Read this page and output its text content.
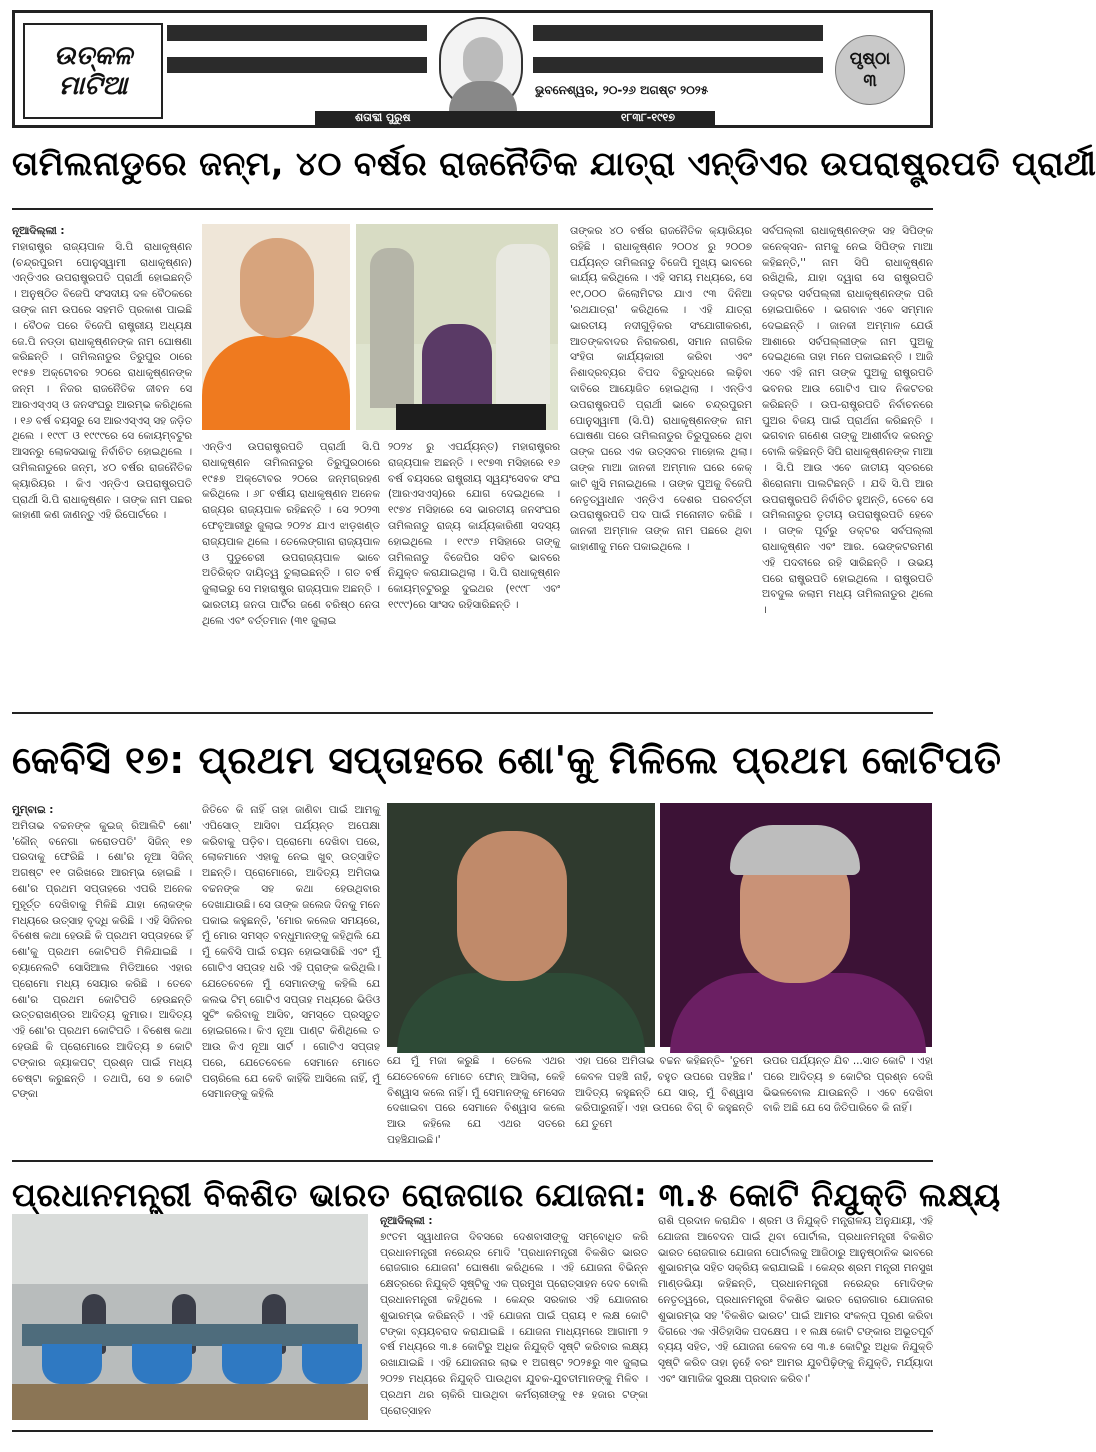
ଉତ୍କଳ ମାଟିଆ	ଭୁବନେଶ୍ୱର, ୨୦-୨୬ ଅଗଷ୍ଟ ୨୦୨୫
ଶତାବ୍ଦୀ ପୁରୁଷ	୧୮୩୮-୧୯୧୭
ପୃଷ୍ଠା
୩
ତାମିଲନାଡୁରେ ଜନ୍ମ, ୪୦ ବର୍ଷର ରାଜନୈତିକ ଯାତ୍ରା ଏନ୍‌ଡିଏର ଉପରାଷ୍ଟ୍ରପତି ପ୍ରାର୍ଥୀ
ନୂଆଦିଲ୍ଲୀ :
ମହାରାଷ୍ଟ୍ର ରାଜ୍ୟପାଳ ସି.ପି ରାଧାକୃଷ୍ଣନ (ଚନ୍ଦ୍ରପୁରମ ପୋନୁସ୍ୱାମୀ ରାଧାକୃଷ୍ଣନ) ଏନ୍‌ଡିଏର ଉପରାଷ୍ଟ୍ରପତି ପ୍ରାର୍ଥୀ ହୋଇଛନ୍ତି । ଅନୁଷ୍ଠିତ ବିଜେପି ସଂସଦୀୟ ଦଳ ବୈଠକରେ ତାଙ୍କ ନାମ ଉପରେ ସହମତି ପ୍ରକାଶ ପାଇଛି । ବୈଠକ ପରେ ବିଜେପି ରାଷ୍ଟ୍ରୀୟ ଅଧ୍ୟକ୍ଷ ଜେ.ପି ନଡ୍ଡା ରାଧାକୃଷ୍ଣନଙ୍କ ନାମ ଘୋଷଣା କରିଛନ୍ତି । ତାମିଲନାଡୁର ତିରୁପୁର ଠାରେ ୧୯୫୭ ଅକ୍ଟୋବର ୨୦ରେ ରାଧାକୃଷ୍ଣନଙ୍କ ଜନ୍ମ । ନିଜର ରାଜନୈତିକ ଜୀବନ ସେ ଆରଏସ୍‌ଏସ୍ ଓ ଜନସଂଘରୁ ଆରମ୍ଭ କରିଥିଲେ । ୧୬ ବର୍ଷ ବୟସରୁ ସେ ଆରଏସ୍‌ଏସ୍ ସହ ଜଡ଼ିତ ଥିଲେ । ୧୯୯୮ ଓ ୧୯୯୯ରେ ସେ କୋୟମ୍ବଟୁର ଆସନରୁ ଲୋକସଭାକୁ ନିର୍ବାଚିତ ହୋଇଥିଲେ । ତାମିଲନାଡୁରେ ଜନ୍ମ, ୪୦ ବର୍ଷର ରାଜନୈତିକ କ୍ୟାରିୟର । କିଏ ଏନ୍‌ଡିଏ ଉପରାଷ୍ଟ୍ରପତି ପ୍ରାର୍ଥୀ ସି.ପି ରାଧାକୃଷ୍ଣନ । ତାଙ୍କ ନାମ ପଛର କାହାଣୀ କଣ ଜାଣନ୍ତୁ ଏହି ରିପୋର୍ଟରେ ।
ଏନ୍‌ଡିଏ ଉପରାଷ୍ଟ୍ରପତି ପ୍ରାର୍ଥୀ ସି.ପି ରାଧାକୃଷ୍ଣନ ତାମିଲନାଡୁର ତିରୁପୁରଠାରେ ୧୯୫୭ ଅକ୍ଟୋବର ୨୦ରେ ଜନ୍ମଗ୍ରହଣ କରିଥିଲେ । ୬୮ ବର୍ଷୀୟ ରାଧାକୃଷ୍ଣନ ଅନେକ ରାଜ୍ୟର ରାଜ୍ୟପାଳ ରହିଛନ୍ତି । ସେ ୨୦୨୩ ଫେବୃଆରୀରୁ ଜୁଲାଇ ୨୦୨୪ ଯାଏ ଝାଡ଼ଖଣ୍ଡ ରାଜ୍ୟପାଳ ଥିଲେ । ତେଲେଙ୍ଗାନା ରାଜ୍ୟପାଳ ଓ ପୁଡୁଚେରୀ ଉପରାଜ୍ୟପାଳ ଭାବେ ଅତିରିକ୍ତ ଦାୟିତ୍ୱ ତୁଲାଇଛନ୍ତି । ଗତ ବର୍ଷ ଜୁଲାଇରୁ ସେ ମହାରାଷ୍ଟ୍ର ରାଜ୍ୟପାଳ ଅଛନ୍ତି । ଭାରତୀୟ ଜନତା ପାର୍ଟିର ଜଣେ ବରିଷ୍ଠ ନେତା ଥିଲେ ଏବଂ ବର୍ତ୍ତମାନ (୩୧ ଜୁଲାଇ
୨୦୨୪ ରୁ ଏପର୍ଯ୍ୟନ୍ତ) ମହାରାଷ୍ଟ୍ରର ରାଜ୍ୟପାଳ ଅଛନ୍ତି । ୧୯୭୩ ମସିହାରେ ୧୬ ବର୍ଷ ବୟସରେ ରାଷ୍ଟ୍ରୀୟ ସ୍ୱୟଂସେବକ ସଂଘ (ଆରଏସଏସ୍)ରେ ଯୋଗ ଦେଇଥିଲେ । ୧୯୭୪ ମସିହାରେ ସେ ଭାରତୀୟ ଜନସଂଘର ତାମିଲନାଡୁ ରାଜ୍ୟ କାର୍ଯ୍ୟକାରିଣୀ ସଦସ୍ୟ ହୋଇଥିଲେ । ୧୯୯୬ ମସିହାରେ ତାଙ୍କୁ ତାମିଲନାଡୁ ବିଜେପିର ସଚିବ ଭାବରେ ନିଯୁକ୍ତ କରାଯାଇଥିଲା । ସି.ପି ରାଧାକୃଷ୍ଣନ କୋୟମ୍ବଟୁରରୁ ଦୁଇଥର (୧୯୯୮ ଏବଂ ୧୯୯୯)ରେ ସାଂସଦ ରହିସାରିଛନ୍ତି ।
ତାଙ୍କର ୪୦ ବର୍ଷର ରାଜନୈତିକ କ୍ୟାରିୟର ରହିଛି । ରାଧାକୃଷ୍ଣନ ୨୦୦୪ ରୁ ୨୦୦୭ ପର୍ଯ୍ୟନ୍ତ ତାମିଲନାଡୁ ବିଜେପି ମୁଖ୍ୟ ଭାବରେ କାର୍ଯ୍ୟ କରିଥିଲେ । ଏହି ସମୟ ମଧ୍ୟରେ, ସେ ୧୯,୦୦୦ କିଲୋମିଟର ଯାଏ ୯୩ ଦିନିଆ 'ରଥଯାତ୍ରା' କରିଥିଲେ । ଏହି ଯାତ୍ରା ଭାରତୀୟ ନଦୀଗୁଡ଼ିକର ସଂଯୋଗୀକରଣ, ଆତଙ୍କବାଦର ନିରାକରଣ, ସମାନ ନାଗରିକ ସଂହିତା କାର୍ଯ୍ୟକାରୀ କରିବା ଏବଂ ନିଶାଦ୍ରବ୍ୟର ବିପଦ ବିରୁଦ୍ଧରେ ଲଢ଼ିବା ଦାବିରେ ଆୟୋଜିତ ହୋଇଥିଲା । ଏନ୍‌ଡିଏ ଉପରାଷ୍ଟ୍ରପତି ପ୍ରାର୍ଥୀ ଭାବେ ଚନ୍ଦ୍ରପୁରମ ପୋନୁସ୍ୱାମୀ (ସି.ପି) ରାଧାକୃଷ୍ଣନଙ୍କ ନାମ ଘୋଷଣା ପରେ ତାମିଲନାଡୁର ତିରୁପୁରରେ ଥିବା ତାଙ୍କ ଘରେ ଏକ ଉତ୍ସବର ମାହୋଲ ଥିଲା। ତାଙ୍କ ମାଆ ଜାନକୀ ଅମ୍ମାଳ ଘରେ କେକ୍ କାଟି ଖୁସି ମନାଇଥିଲେ । ତାଙ୍କ ପୁଅକୁ ବିଜେପି ନେତୃତ୍ୱାଧୀନ ଏନ୍‌ଡିଏ ଦେଶର ପରବର୍ତ୍ତୀ ଉପରାଷ୍ଟ୍ରପତି ପଦ ପାଇଁ ମନୋନୀତ କରିଛି । ଜାନକୀ ଅମ୍ମାଳ ତାଙ୍କ ନାମ ପଛରେ ଥିବା କାହାଣୀକୁ ମନେ ପକାଇଥିଲେ ।
ସର୍ବପଲ୍ଲୀ ରାଧାକୃଷ୍ଣନଙ୍କ ସହ ସିପିଙ୍କ କନେକ୍ସନ- ନାମକୁ ନେଇ ସିପିଙ୍କ ମାଆ କହିଛନ୍ତି,'' ନାମ ସିପି ରାଧାକୃଷ୍ଣନ ରଖିଥିଲି, ଯାହା ଦ୍ୱାରା ସେ ରାଷ୍ଟ୍ରପତି ଡକ୍ଟର ସର୍ବପଲ୍ଲୀ ରାଧାକୃଷ୍ଣନଙ୍କ ପରି ହୋଇପାରିବେ । ଭଗବାନ ଏବେ ସମ୍ମାନ ଦେଇଛନ୍ତି । ଜାନକୀ ଅମ୍ମାଳ ଯେଉଁ ଆଶାରେ ସର୍ବପଲ୍ଲୀଙ୍କ ନାମ ପୁଅକୁ ଦେଇଥିଲେ ତାହା ମନେ ପକାଇଛନ୍ତି । ଆଜି ଏବେ ଏହି ନାମ ତାଙ୍କ ପୁଅକୁ ରାଷ୍ଟ୍ରପତି ଭବନର ଆଉ ଗୋଟିଏ ପାଦ ନିକଟତର କରିଛନ୍ତି । ଉପ-ରାଷ୍ଟ୍ରପତି ନିର୍ବାଚନରେ ପୁଅର ବିଜୟ ପାଇଁ ପ୍ରାର୍ଥନା କରିଛନ୍ତି । ଭଗବାନ ଗଣେଶ ତାଙ୍କୁ ଆଶୀର୍ବାଦ କରନ୍ତୁ ବୋଲି କହିଛନ୍ତି ସିପି ରାଧାକୃଷ୍ଣନଙ୍କ ମାଆ । ସି.ପି ଆଉ ଏବେ ଜାତୀୟ ସ୍ତରରେ ଶିରୋନାମା ପାଲଟିଛନ୍ତି । ଯଦି ସି.ପି ଆର ଉପରାଷ୍ଟ୍ରପତି ନିର୍ବାଚିତ ହୁଅନ୍ତି, ତେବେ ସେ ତାମିଲନାଡୁର ତୃତୀୟ ଉପରାଷ୍ଟ୍ରପତି ହେବେ । ତାଙ୍କ ପୂର୍ବରୁ ଡକ୍ଟର ସର୍ବପଲ୍ଲୀ ରାଧାକୃଷ୍ଣନ ଏବଂ ଆର. ଭେଙ୍କଟରମଣ ଏହି ପଦବୀରେ ରହି ସାରିଛନ୍ତି । ଉଭୟ ପରେ ରାଷ୍ଟ୍ରପତି ହୋଇଥିଲେ । ରାଷ୍ଟ୍ରପତି ଅବଦୁଲ କଲାମ ମଧ୍ୟ ତାମିଲନାଡୁର ଥିଲେ ।
କେବିସି ୧୭: ପ୍ରଥମ ସପ୍ତାହରେ ଶୋ'କୁ ମିଳିଲେ ପ୍ରଥମ କୋଟିପତି
ମୁମ୍ବାଇ :
ଅମିତାଭ ବଚ୍ଚନଙ୍କ କୁଇଜ୍ ରିଆଲିଟି ଶୋ' 'କୌନ୍ ବନେଗା କରୋଡପତି' ସିଜିନ୍ ୧୭ ପରଦାକୁ ଫେରିଛି । ଶୋ'ର ନୂଆ ସିଜିନ୍ ଅଗଷ୍ଟ ୧୧ ତାରିଖରେ ଆରମ୍ଭ ହୋଇଛି । ଶୋ'ର ପ୍ରଥମ ସପ୍ତାହରେ ଏପରି ଅନେକ ମୁହୂର୍ତ୍ତ ଦେଖିବାକୁ ମିଳିଛି ଯାହା ଲୋକଙ୍କ ମଧ୍ୟରେ ଉତ୍ସାହ ବୃଦ୍ଧି କରିଛି । ଏହି ସିଜିନର ବିଶେଷ କଥା ହେଉଛି କି ପ୍ରଥମ ସପ୍ତାହରେ ହିଁ ଶୋ'କୁ ପ୍ରଥମ କୋଟିପତି ମିଳିଯାଇଛି । ଚ୍ୟାନେଲଟି ସୋସିଆଲ ମିଡିଆରେ ଏହାର ପ୍ରୋମୋ ମଧ୍ୟ ସେୟାର କରିଛି । ତେବେ ଶୋ'ର ପ୍ରଥମ କୋଟିପତି ହେଉଛନ୍ତି ଉତ୍ତରାଖଣ୍ଡର ଆଦିତ୍ୟ କୁମାର। ଆଦିତ୍ୟ ଏହି ଶୋ'ର ପ୍ରଥମ କୋଟିପତି । ବିଶେଷ କଥା ହେଉଛି କି ପ୍ରୋମୋରେ ଆଦିତ୍ୟ ୭ କୋଟି ଟଙ୍କାର ଜ୍ୟାକପଟ୍ ପ୍ରଶ୍ନ ପାଇଁ ମଧ୍ୟ ଚେଷ୍ଟା କରୁଛନ୍ତି । ତଥାପି, ସେ ୭ କୋଟି ଟଙ୍କା
ଜିତିବେ କି ନାହିଁ ତାହା ଜାଣିବା ପାଇଁ ଆମକୁ ଏପିସୋଡ୍ ଆସିବା ପର୍ଯ୍ୟନ୍ତ ଅପେକ୍ଷା କରିବାକୁ ପଡ଼ିବ। ପ୍ରୋମୋ ଦେଖିବା ପରେ, ଲୋକମାନେ ଏହାକୁ ନେଇ ଖୁବ୍ ଉତ୍ସାହିତ ଅଛନ୍ତି। ପ୍ରୋମୋରେ, ଆଦିତ୍ୟ ଅମିତାଭ ବଚ୍ଚନଙ୍କ ସହ କଥା ହେଉଥିବାର ଦେଖାଯାଉଛି। ସେ ତାଙ୍କ ଜଲେଜ ଦିନକୁ ମନେ ପକାଇ କହୁଛନ୍ତି, 'ମୋର କଲେଜ ସମୟରେ, ମୁଁ ମୋର ସମସ୍ତ ବନ୍ଧୁମାନଙ୍କୁ କହିଥିଲି ଯେ ମୁଁ କେବିସି ପାଇଁ ଚୟନ ହୋଇସାରିଛି ଏବଂ ମୁଁ ଗୋଟିଏ ସପ୍ତାହ ଧରି ଏହି ପ୍ରାଙ୍କ କରିଥିଲି। ଯେତେବେଳେ ମୁଁ ସେମାନଙ୍କୁ କହିଲି ଯେ କଲଭ ଟିମ୍ ଗୋଟିଏ ସପ୍ତାହ ମଧ୍ୟରେ ଭିଡିଓ ସୁଟିଂ କରିବାକୁ ଆସିବ, ସମସ୍ତେ ପ୍ରସ୍ତୁତ ହୋଇଗଲେ। କିଏ ନୂଆ ପାଣ୍ଟ କିଣିଥିଲେ ତ ଆଉ କିଏ ନୂଆ ସାର୍ଟ । ଗୋଟିଏ ସପ୍ତାହ ପରେ, ଯେତେବେଳେ ସେମାନେ ମୋତେ ପଚାରିଲେ ଯେ କେବି କାହିଁକି ଆସିଲେ ନାହିଁ, ମୁଁ ସେମାନଙ୍କୁ କହିଲି
ଯେ ମୁଁ ମଜା କରୁଛି । ତେଲେ ଏଥର ଯେତେବେଳେ ମୋତେ ଫୋନ୍ ଆସିଲା, କେହି ବିଶ୍ୱାସ କଲେ ନାହିଁ। ମୁଁ ସେମାନଙ୍କୁ ମେସେଜ ଦେଖାଇବା ପରେ ସେମାନେ ବିଶ୍ୱାସ କଲେ ଆଉ କହିଲେ ଯେ ଏଥର ସତରେ ପହଞ୍ଚିଯାଇଛି।'
ଏହା ପରେ ଅମିତାଭ ବଚ୍ଚନ କହିଛନ୍ତି- 'ତୁମେ କେବଳ ପହଞ୍ଚି ନାହଁ, ବହୁତ ଉପରେ ପହଞ୍ଚିଛ।' ଆଦିତ୍ୟ କହୁଛନ୍ତି ଯେ ସାର୍, ମୁଁ ବିଶ୍ୱାସ କରିପାରୁନାହିଁ। ଏହା ଉପରେ ବିଗ୍ ବି କହୁଛନ୍ତି ଯେ ତୁମେ
ଉପର ପର୍ଯ୍ୟନ୍ତ ଯିବ ...ସାତ କୋଟି । ଏହା ପରେ ଆଦିତ୍ୟ ୭ କୋଟିର ପ୍ରଶ୍ନ ଦେଖି ଭିଭଳବୋଲ ଯାଉଛନ୍ତି । ଏବେ ଦେଖିବା ବାକି ଅଛି ଯେ ସେ ଜିତିପାରିବେ କି ନାହିଁ।
ପ୍ରଧାନମନ୍ତ୍ରୀ ବିକଶିତ ଭାରତ ରୋଜଗାର ଯୋଜନା: ୩.୫ କୋଟି ନିଯୁକ୍ତି ଲକ୍ଷ୍ୟ
ନୂଆଦିଲ୍ଲୀ :
୭୯ତମ ସ୍ୱାଧୀନତା ଦିବସରେ ଦେଶବାସୀଙ୍କୁ ସମ୍ବୋଧିତ କରି ପ୍ରଧାନମନ୍ତ୍ରୀ ନରେନ୍ଦ୍ର ମୋଦି 'ପ୍ରଧାନମନ୍ତ୍ରୀ ବିକଶିତ ଭାରତ ରୋଜଗାର ଯୋଜନା' ଘୋଷଣା କରିଥିଲେ । ଏହି ଯୋଜନା ବିଭିନ୍ନ କ୍ଷେତ୍ରରେ ନିଯୁକ୍ତି ସୃଷ୍ଟିକୁ ଏକ ପ୍ରମୁଖ ପ୍ରୋତ୍ସାହନ ଦେବ ବୋଲି ପ୍ରଧାନମନ୍ତ୍ରୀ କହିଥିଲେ । କେନ୍ଦ୍ର ସରକାର ଏହି ଯୋଜନାର ଶୁଭାରମ୍ଭ କରିଛନ୍ତି । ଏହି ଯୋଜନା ପାଇଁ ପ୍ରାୟ ୧ ଲକ୍ଷ କୋଟି ଟଙ୍କା ବ୍ୟୟବରାଦ କରାଯାଇଛି । ଯୋଜନା ମାଧ୍ୟମରେ ଆଗାମୀ ୨ ବର୍ଷ ମଧ୍ୟରେ ୩.୫ କୋଟିରୁ ଅଧିକ ନିଯୁକ୍ତି ସୃଷ୍ଟି କରିବାର ଲକ୍ଷ୍ୟ ରଖାଯାଇଛି । ଏହି ଯୋଜନାର ଲାଭ ୧ ଅଗଷ୍ଟ ୨୦୨୫ରୁ ୩୧ ଜୁଲାଇ ୨୦୨୭ ମଧ୍ୟରେ ନିଯୁକ୍ତି ପାଉଥିବା ଯୁବକ-ଯୁବତୀମାନଙ୍କୁ ମିଳିବ । ପ୍ରଥମ ଥର ଚାକିରି ପାଉଥିବା କର୍ମଚାରୀଙ୍କୁ ୧୫ ହଜାର ଟଙ୍କା ପ୍ରୋତ୍ସାହନ
ରାଶି ପ୍ରଦାନ କରାଯିବ । ଶ୍ରମ ଓ ନିଯୁକ୍ତି ମନ୍ତ୍ରାଳୟ ଅନୁଯାୟୀ, ଏହି ଯୋଜନା ଆବେଦନ ପାଇଁ ଥିବା ପୋର୍ଟାଲ, ପ୍ରଧାନମନ୍ତ୍ରୀ ବିକଶିତ ଭାରତ ରୋଜଗାର ଯୋଜନା ପୋର୍ଟାଲକୁ ଆଜିଠାରୁ ଆନୁଷ୍ଠାନିକ ଭାବରେ ଶୁଭାରମ୍ଭ ସହିତ ସକ୍ରିୟ କରାଯାଇଛି । କେନ୍ଦ୍ର ଶ୍ରମ ମନ୍ତ୍ରୀ ମନସୁଖ ମାଣ୍ଡଭିୟା କହିଛନ୍ତି, ପ୍ରଧାନମନ୍ତ୍ରୀ ନରେନ୍ଦ୍ର ମୋଦିଙ୍କ ନେତୃତ୍ୱରେ, ପ୍ରଧାନମନ୍ତ୍ରୀ ବିକଶିତ ଭାରତ ରୋଜଗାର ଯୋଜନାର ଶୁଭାରମ୍ଭ ସହ 'ବିକଶିତ ଭାରତ' ପାଇଁ ଆମର ସଂକଳ୍ପ ପୂରଣ କରିବା ଦିଗରେ ଏକ ଐତିହାସିକ ପଦକ୍ଷେପ । ୧ ଲକ୍ଷ କୋଟି ଟଙ୍କାର ଅଭୂତପୂର୍ବ ବ୍ୟୟ ସହିତ, ଏହି ଯୋଜନା କେବଳ ସେ ୩.୫ କୋଟିରୁ ଅଧିକ ନିଯୁକ୍ତି ସୃଷ୍ଟି କରିବ ତାହା ନୁହେଁ ବରଂ ଆମର ଯୁବପିଢ଼ିଙ୍କୁ ନିଯୁକ୍ତି, ମର୍ଯ୍ୟାଦା ଏବଂ ସାମାଜିକ ସୁରକ୍ଷା ପ୍ରଦାନ କରିବ।'
